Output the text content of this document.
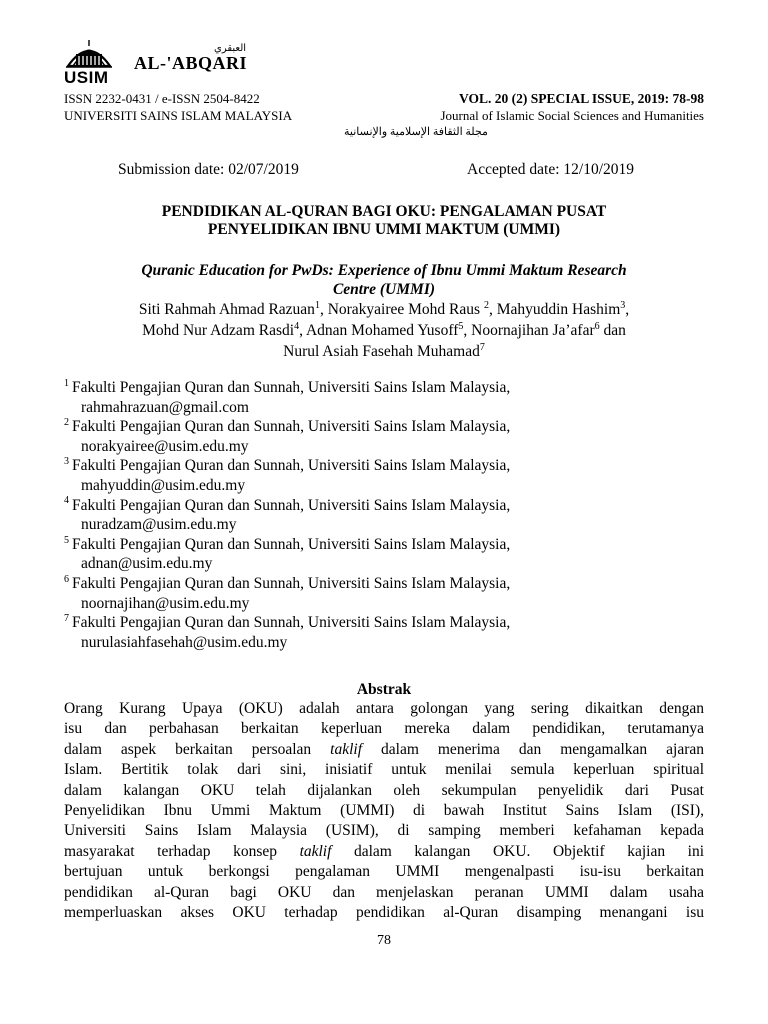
USIM
العبقري
AL-'ABQARI
ISSN 2232-0431 / e-ISSN 2504-8422
UNIVERSITI SAINS ISLAM MALAYSIA
VOL. 20 (2) SPECIAL ISSUE, 2019: 78-98
Journal of Islamic Social Sciences and Humanities
مجلة الثقافة الإسلامية والإنسانية
Submission date: 02/07/2019	Accepted date: 12/10/2019
PENDIDIKAN AL-QURAN BAGI OKU: PENGALAMAN PUSAT
PENYELIDIKAN IBNU UMMI MAKTUM (UMMI)
Quranic Education for PwDs: Experience of Ibnu Ummi Maktum Research
Centre (UMMI)
Siti Rahmah Ahmad Razuan$^1$, Norakyairee Mohd Raus $^2$, Mahyuddin Hashim$^3$,
Mohd Nur Adzam Rasdi$^4$, Adnan Mohamed Yusoff$^5$, Noornajihan Ja’afar$^6$ dan
Nurul Asiah Fasehah Muhamad$^7$
$^1$ Fakulti Pengajian Quran dan Sunnah, Universiti Sains Islam Malaysia,
rahmahrazuan@gmail.com
$^2$ Fakulti Pengajian Quran dan Sunnah, Universiti Sains Islam Malaysia,
norakyairee@usim.edu.my
$^3$ Fakulti Pengajian Quran dan Sunnah, Universiti Sains Islam Malaysia,
mahyuddin@usim.edu.my
$^4$ Fakulti Pengajian Quran dan Sunnah, Universiti Sains Islam Malaysia,
nuradzam@usim.edu.my
$^5$ Fakulti Pengajian Quran dan Sunnah, Universiti Sains Islam Malaysia,
adnan@usim.edu.my
$^6$ Fakulti Pengajian Quran dan Sunnah, Universiti Sains Islam Malaysia,
noornajihan@usim.edu.my
$^7$ Fakulti Pengajian Quran dan Sunnah, Universiti Sains Islam Malaysia,
nurulasiahfasehah@usim.edu.my
Abstrak
Orang Kurang Upaya (OKU) adalah antara golongan yang sering dikaitkan dengan
isu dan perbahasan berkaitan keperluan mereka dalam pendidikan, terutamanya
dalam aspek berkaitan persoalan taklif dalam menerima dan mengamalkan ajaran
Islam. Bertitik tolak dari sini, inisiatif untuk menilai semula keperluan spiritual
dalam kalangan OKU telah dijalankan oleh sekumpulan penyelidik dari Pusat
Penyelidikan Ibnu Ummi Maktum (UMMI) di bawah Institut Sains Islam (ISI),
Universiti Sains Islam Malaysia (USIM), di samping memberi kefahaman kepada
masyarakat terhadap konsep taklif dalam kalangan OKU. Objektif kajian ini
bertujuan untuk berkongsi pengalaman UMMI mengenalpasti isu-isu berkaitan
pendidikan al-Quran bagi OKU dan menjelaskan peranan UMMI dalam usaha
memperluaskan akses OKU terhadap pendidikan al-Quran disamping menangani isu
78
